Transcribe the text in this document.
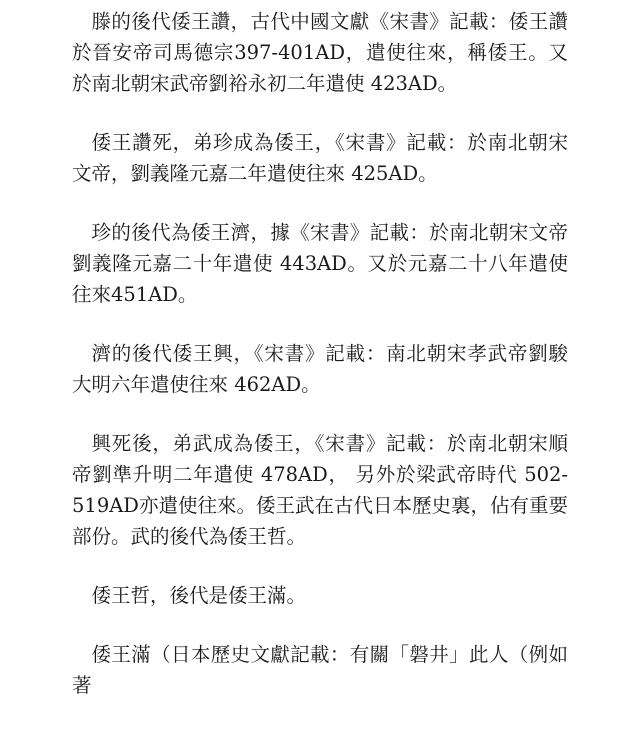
滕的後代倭王讚，古代中國文獻《宋書》記載：倭王讚於晉安帝司馬德宗397-401AD，遣使往來，稱倭王。又於南北朝宋武帝劉裕永初二年遣使 423AD。

倭王讚死，弟珍成為倭王，《宋書》記載：於南北朝宋文帝，劉義隆元嘉二年遣使往來 425AD。

珍的後代為倭王濟，據《宋書》記載：於南北朝宋文帝劉義隆元嘉二十年遣使 443AD。又於元嘉二十八年遣使往來451AD。

濟的後代倭王興，《宋書》記載：南北朝宋孝武帝劉駿大明六年遣使往來 462AD。

興死後，弟武成為倭王，《宋書》記載：於南北朝宋順帝劉準升明二年遣使 478AD， 另外於梁武帝時代 502-519AD亦遣使往來。倭王武在古代日本歷史裏，佔有重要部份。武的後代為倭王哲。

倭王哲，後代是倭王滿。

倭王滿（日本歷史文獻記載：有關「磐井」此人（例如著
